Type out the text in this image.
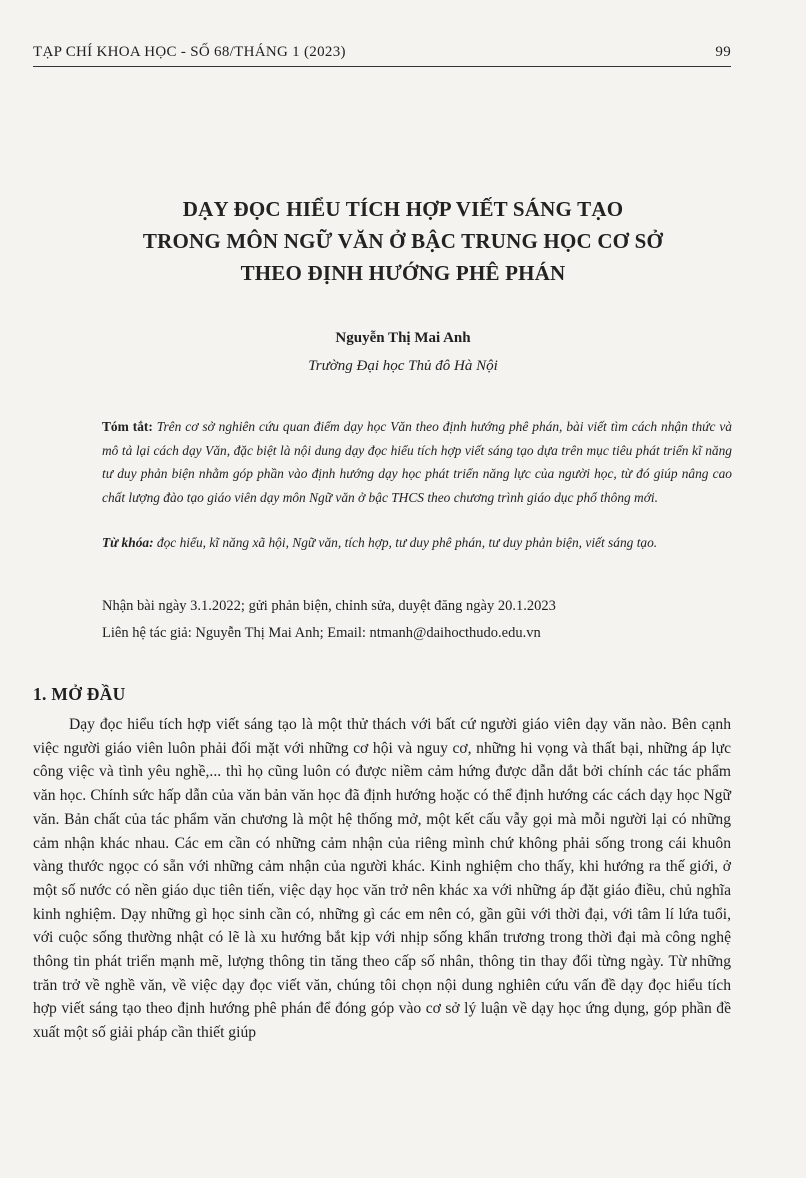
TẠP CHÍ KHOA HỌC - SỐ 68/THÁNG 1 (2023)	99
DẠY ĐỌC HIỂU TÍCH HỢP VIẾT SÁNG TẠO
TRONG MÔN NGỮ VĂN Ở BẬC TRUNG HỌC CƠ SỞ
THEO ĐỊNH HƯỚNG PHÊ PHÁN
Nguyễn Thị Mai Anh
Trường Đại học Thủ đô Hà Nội
Tóm tắt: Trên cơ sở nghiên cứu quan điểm dạy học Văn theo định hướng phê phán, bài viết tìm cách nhận thức và mô tả lại cách dạy Văn, đặc biệt là nội dung dạy đọc hiểu tích hợp viết sáng tạo dựa trên mục tiêu phát triển kĩ năng tư duy phản biện nhằm góp phần vào định hướng dạy học phát triển năng lực của người học, từ đó giúp nâng cao chất lượng đào tạo giáo viên dạy môn Ngữ văn ở bậc THCS theo chương trình giáo dục phổ thông mới.
Từ khóa: đọc hiểu, kĩ năng xã hội, Ngữ văn, tích hợp, tư duy phê phán, tư duy phản biện, viết sáng tạo.
Nhận bài ngày 3.1.2022; gửi phản biện, chỉnh sửa, duyệt đăng ngày 20.1.2023
Liên hệ tác giả: Nguyễn Thị Mai Anh; Email: ntmanh@daihocthudo.edu.vn
1. MỞ ĐẦU

Dạy đọc hiểu tích hợp viết sáng tạo là một thử thách với bất cứ người giáo viên dạy văn nào. Bên cạnh việc người giáo viên luôn phải đối mặt với những cơ hội và nguy cơ, những hi vọng và thất bại, những áp lực công việc và tình yêu nghề,... thì họ cũng luôn có được niềm cảm hứng được dẫn dắt bởi chính các tác phẩm văn học. Chính sức hấp dẫn của văn bản văn học đã định hướng hoặc có thể định hướng các cách dạy học Ngữ văn. Bản chất của tác phẩm văn chương là một hệ thống mở, một kết cấu vẫy gọi mà mỗi người lại có những cảm nhận khác nhau. Các em cần có những cảm nhận của riêng mình chứ không phải sống trong cái khuôn vàng thước ngọc có sẵn với những cảm nhận của người khác. Kinh nghiệm cho thấy, khi hướng ra thế giới, ở một số nước có nền giáo dục tiên tiến, việc dạy học văn trở nên khác xa với những áp đặt giáo điều, chủ nghĩa kinh nghiệm. Dạy những gì học sinh cần có, những gì các em nên có, gần gũi với thời đại, với tâm lí lứa tuổi, với cuộc sống thường nhật có lẽ là xu hướng bắt kịp với nhịp sống khẩn trương trong thời đại mà công nghệ thông tin phát triển mạnh mẽ, lượng thông tin tăng theo cấp số nhân, thông tin thay đổi từng ngày. Từ những trăn trở về nghề văn, về việc dạy đọc viết văn, chúng tôi chọn nội dung nghiên cứu vấn đề dạy đọc hiểu tích hợp viết sáng tạo theo định hướng phê phán để đóng góp vào cơ sở lý luận về dạy học ứng dụng, góp phần đề xuất một số giải pháp cần thiết giúp
